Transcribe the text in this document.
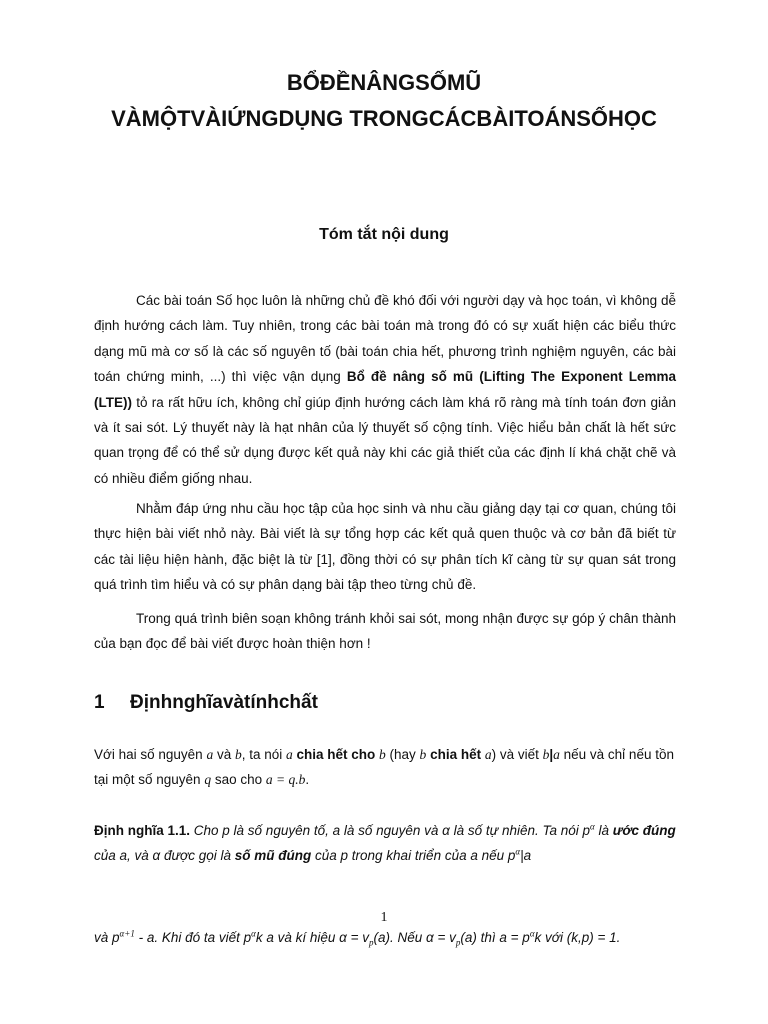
BỔĐỀNÂNGSỐMŨ
VÀMỘTVÀIỨNGDỤNG TRONGCÁCBÀITOÁNSỐHỌC
Tóm tắt nội dung

Các bài toán Số học luôn là những chủ đề khó đối với người dạy và học toán, vì không dễ định hướng cách làm. Tuy nhiên, trong các bài toán mà trong đó có sự xuất hiện các biểu thức dạng mũ mà cơ số là các số nguyên tố (bài toán chia hết, phương trình nghiệm nguyên, các bài toán chứng minh, ...) thì việc vận dụng Bổ đề nâng số mũ (Lifting The Exponent Lemma (LTE)) tỏ ra rất hữu ích, không chỉ giúp định hướng cách làm khá rõ ràng mà tính toán đơn giản và ít sai sót. Lý thuyết này là hạt nhân của lý thuyết số cộng tính. Việc hiểu bản chất là hết sức quan trọng để có thể sử dụng được kết quả này khi các giả thiết của các định lí khá chặt chẽ và có nhiều điểm giống nhau.

Nhằm đáp ứng nhu cầu học tập của học sinh và nhu cầu giảng dạy tại cơ quan, chúng tôi thực hiện bài viết nhỏ này. Bài viết là sự tổng hợp các kết quả quen thuộc và cơ bản đã biết từ các tài liệu hiện hành, đặc biệt là từ [1], đồng thời có sự phân tích kĩ càng từ sự quan sát trong quá trình tìm hiểu và có sự phân dạng bài tập theo từng chủ đề.

Trong quá trình biên soạn không tránh khỏi sai sót, mong nhận được sự góp ý chân thành của bạn đọc để bài viết được hoàn thiện hơn !

1 Địnhnghĩavàtínhchất

Với hai số nguyên a và b, ta nói a chia hết cho b (hay b chia hết a) và viết b|a nếu và chỉ nếu tồn tại một số nguyên q sao cho a = q.b.

Định nghĩa 1.1. Cho p là số nguyên tố, a là số nguyên và α là số tự nhiên. Ta nói $p^\alpha$ là ước đúng của a, và α được gọi là số mũ đúng của p trong khai triển của a nếu $p^\alpha|a$

1
và $p^{\alpha+1}$ - a. Khi đó ta viết $p^\alpha k$ a và kí hiệu $\alpha = v_p(a)$. Nếu $\alpha = v_p(a)$ thì $a = p^\alpha k$ với (k,p) = 1.
